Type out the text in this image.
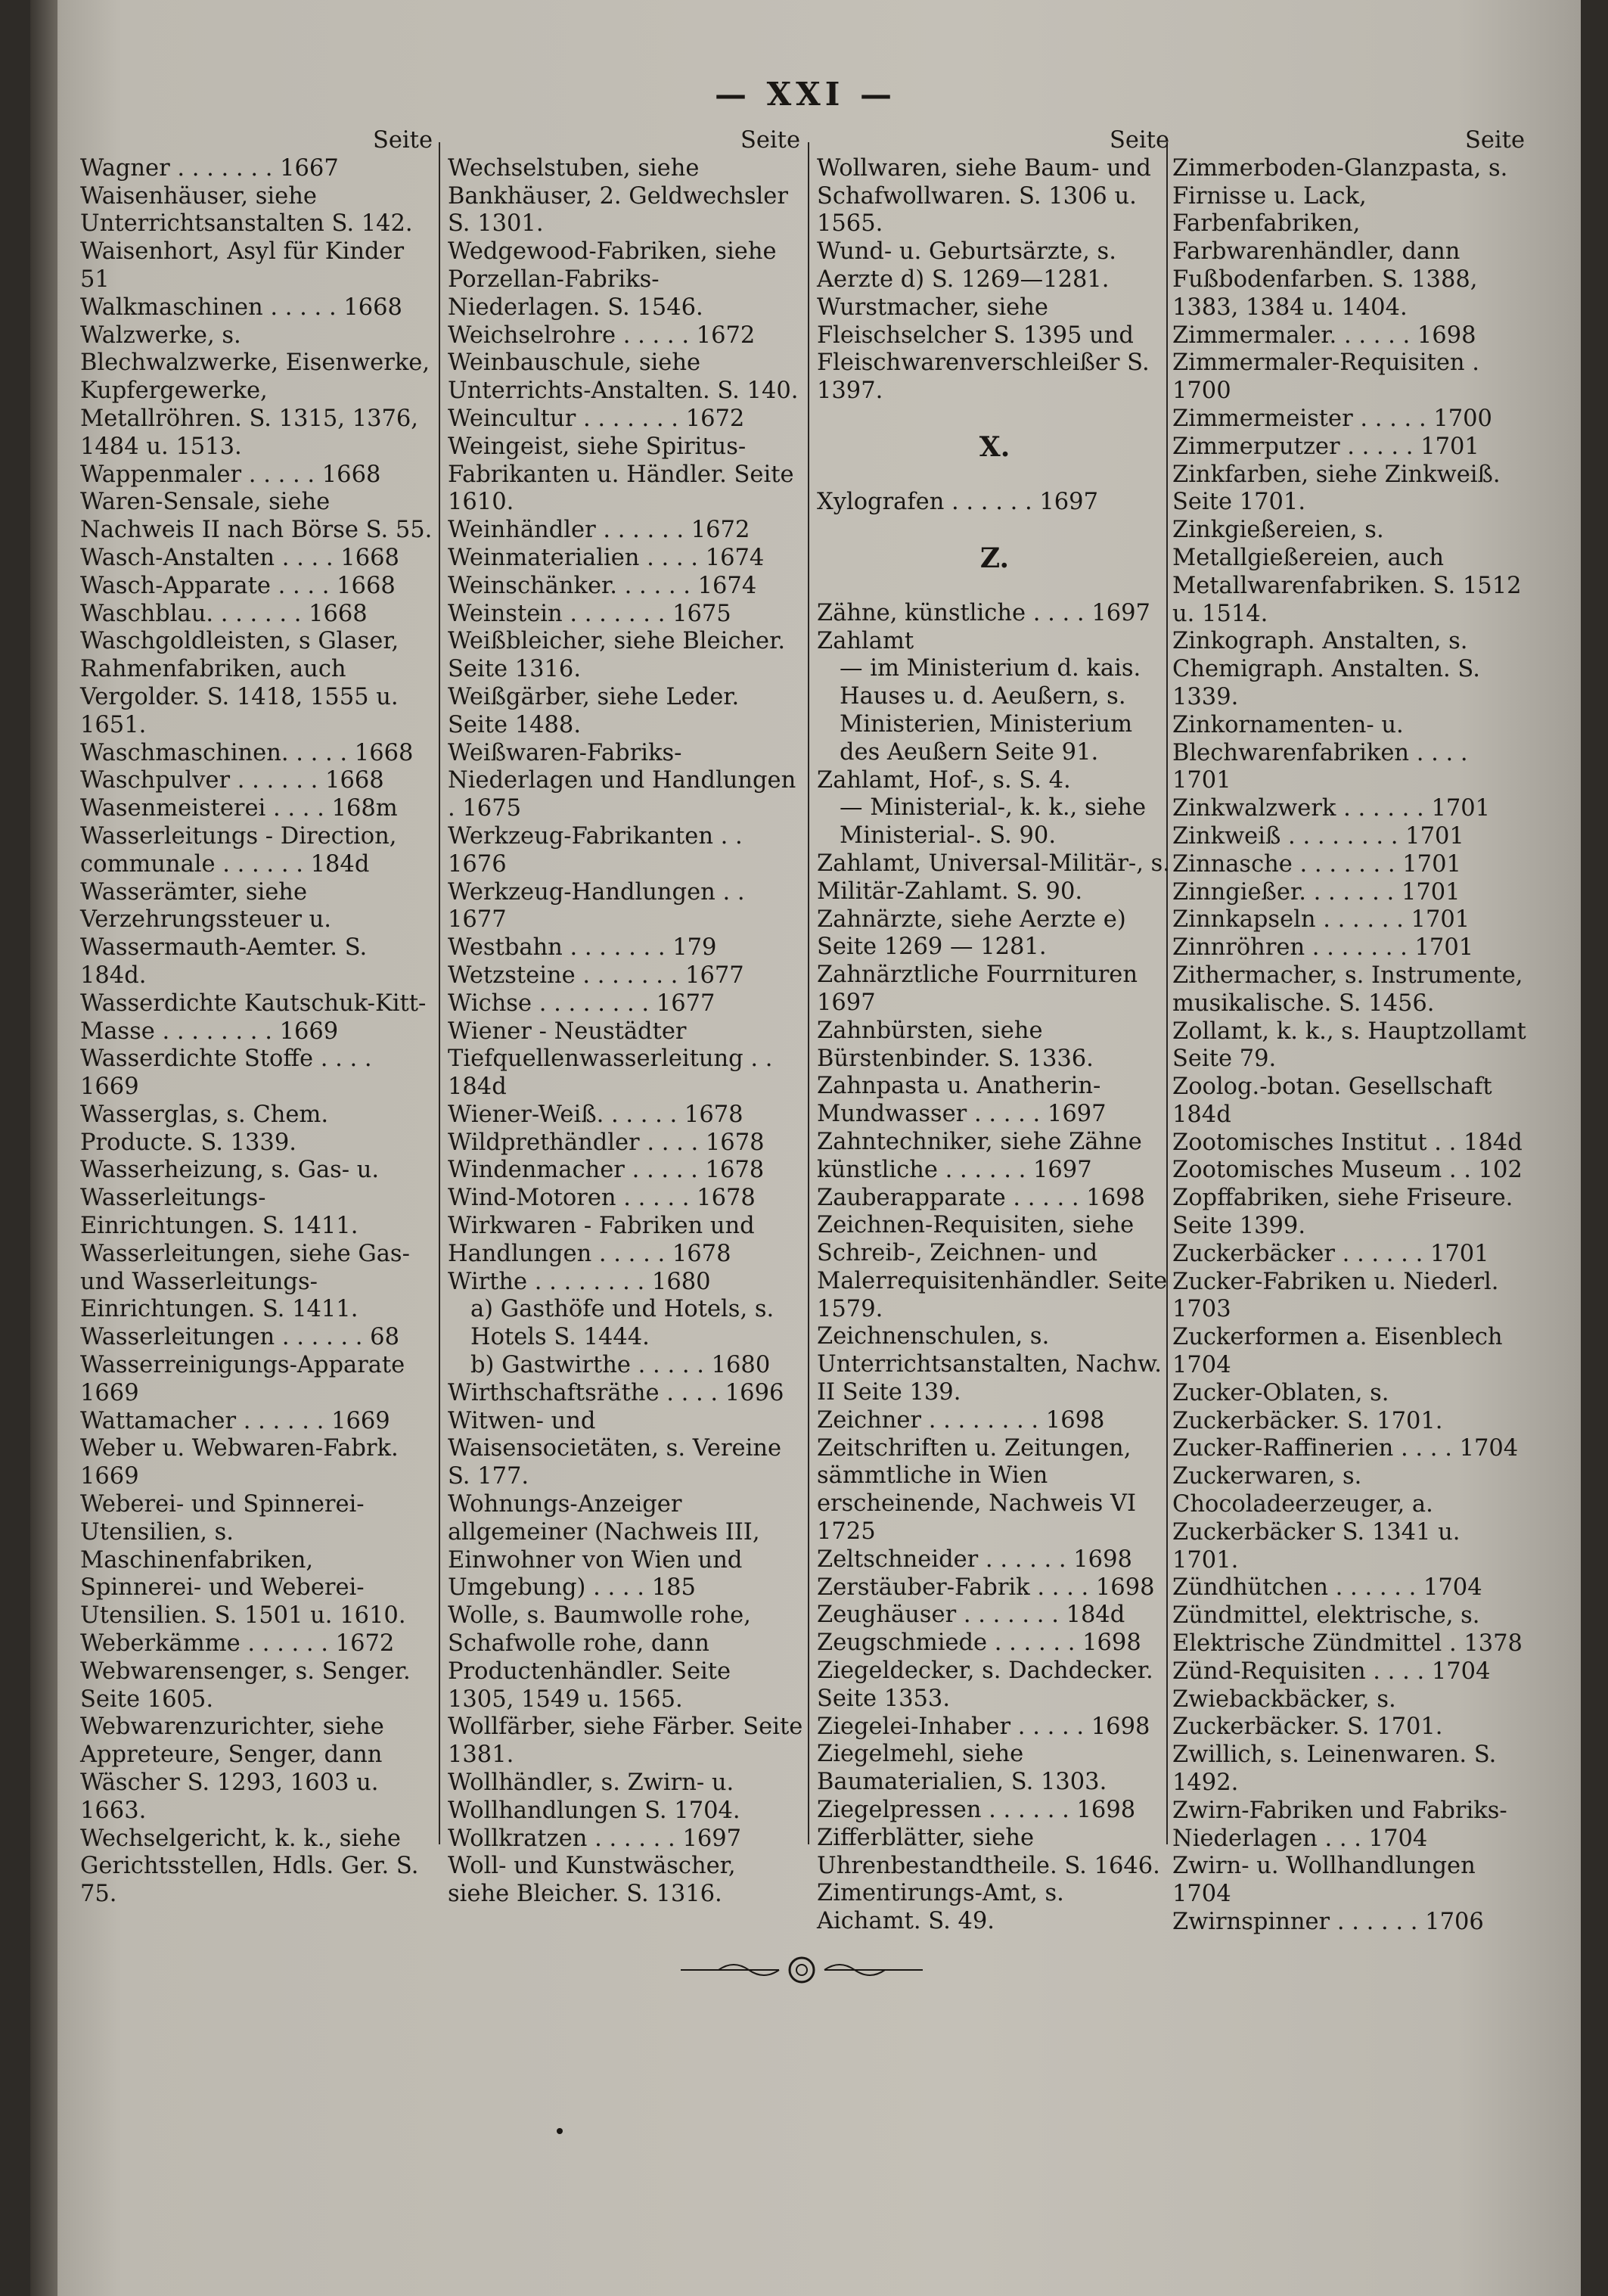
— XXI —
Seite
Wagner . . . . . . . 1667
Waisenhäuser, siehe Unterrichtsanstalten S. 142.
Waisenhort, Asyl für Kinder 51
Walkmaschinen . . . . . 1668
Walzwerke, s. Blechwalzwerke, Eisenwerke, Kupfergewerke, Metallröhren. S. 1315, 1376, 1484 u. 1513.
Wappenmaler . . . . . 1668
Waren-Sensale, siehe Nachweis II nach Börse S. 55.
Wasch-Anstalten . . . . 1668
Wasch-Apparate . . . . 1668
Waschblau. . . . . . . 1668
Waschgoldleisten, s Glaser, Rahmenfabriken, auch Vergolder. S. 1418, 1555 u. 1651.
Waschmaschinen. . . . . 1668
Waschpulver . . . . . . 1668
Wasenmeisterei . . . . 168m
Wasserleitungs - Direction, communale . . . . . . 184d
Wasserämter, siehe Verzehrungssteuer u. Wassermauth-Aemter. S. 184d.
Wasserdichte Kautschuk-Kitt-Masse . . . . . . . . 1669
Wasserdichte Stoffe . . . . 1669
Wasserglas, s. Chem. Producte. S. 1339.
Wasserheizung, s. Gas- u. Wasserleitungs-Einrichtungen. S. 1411.
Wasserleitungen, siehe Gas- und Wasserleitungs-Einrichtungen. S. 1411.
Wasserleitungen . . . . . . 68
Wasserreinigungs-Apparate 1669
Wattamacher . . . . . . 1669
Weber u. Webwaren-Fabrk. 1669
Weberei- und Spinnerei-Utensilien, s. Maschinenfabriken, Spinnerei- und Weberei-Utensilien. S. 1501 u. 1610.
Weberkämme . . . . . . 1672
Webwarensenger, s. Senger. Seite 1605.
Webwarenzurichter, siehe Appreteure, Senger, dann Wäscher S. 1293, 1603 u. 1663.
Wechselgericht, k. k., siehe Gerichtsstellen, Hdls. Ger. S. 75.
Seite
Wechselstuben, siehe Bankhäuser, 2. Geldwechsler S. 1301.
Wedgewood-Fabriken, siehe Porzellan-Fabriks-Niederlagen. S. 1546.
Weichselrohre . . . . . 1672
Weinbauschule, siehe Unterrichts-Anstalten. S. 140.
Weincultur . . . . . . . 1672
Weingeist, siehe Spiritus-Fabrikanten u. Händler. Seite 1610.
Weinhändler . . . . . . 1672
Weinmaterialien . . . . 1674
Weinschänker. . . . . . 1674
Weinstein . . . . . . . 1675
Weißbleicher, siehe Bleicher. Seite 1316.
Weißgärber, siehe Leder. Seite 1488.
Weißwaren-Fabriks-Niederlagen und Handlungen . 1675
Werkzeug-Fabrikanten . . 1676
Werkzeug-Handlungen . . 1677
Westbahn . . . . . . . 179
Wetzsteine . . . . . . . 1677
Wichse . . . . . . . . 1677
Wiener - Neustädter Tiefquellenwasserleitung . . 184d
Wiener-Weiß. . . . . . 1678
Wildprethändler . . . . 1678
Windenmacher . . . . . 1678
Wind-Motoren . . . . . 1678
Wirkwaren - Fabriken und Handlungen . . . . . 1678
Wirthe . . . . . . . . 1680
a) Gasthöfe und Hotels, s. Hotels S. 1444.
b) Gastwirthe . . . . . 1680
Wirthschaftsräthe . . . . 1696
Witwen- und Waisensocietäten, s. Vereine S. 177.
Wohnungs-Anzeiger allgemeiner (Nachweis III, Einwohner von Wien und Umgebung) . . . . 185
Wolle, s. Baumwolle rohe, Schafwolle rohe, dann Productenhändler. Seite 1305, 1549 u. 1565.
Wollfärber, siehe Färber. Seite 1381.
Wollhändler, s. Zwirn- u. Wollhandlungen S. 1704.
Wollkratzen . . . . . . 1697
Woll- und Kunstwäscher, siehe Bleicher. S. 1316.
Seite
Wollwaren, siehe Baum- und Schafwollwaren. S. 1306 u. 1565.
Wund- u. Geburtsärzte, s. Aerzte d) S. 1269—1281.
Wurstmacher, siehe Fleischselcher S. 1395 und Fleischwarenverschleißer S. 1397.
X.
Xylografen . . . . . . 1697
Z.
Zähne, künstliche . . . . 1697
Zahlamt
— im Ministerium d. kais. Hauses u. d. Aeußern, s. Ministerien, Ministerium des Aeußern Seite 91.
Zahlamt, Hof-, s. S. 4.
— Ministerial-, k. k., siehe Ministerial-. S. 90.
Zahlamt, Universal-Militär-, s. Militär-Zahlamt. S. 90.
Zahnärzte, siehe Aerzte e) Seite 1269 — 1281.
Zahnärztliche Fourrnituren 1697
Zahnbürsten, siehe Bürstenbinder. S. 1336.
Zahnpasta u. Anatherin-Mundwasser . . . . . 1697
Zahntechniker, siehe Zähne künstliche . . . . . . 1697
Zauberapparate . . . . . 1698
Zeichnen-Requisiten, siehe Schreib-, Zeichnen- und Malerrequisitenhändler. Seite 1579.
Zeichnenschulen, s. Unterrichtsanstalten, Nachw. II Seite 139.
Zeichner . . . . . . . . 1698
Zeitschriften u. Zeitungen, sämmtliche in Wien erscheinende, Nachweis VI 1725
Zeltschneider . . . . . . 1698
Zerstäuber-Fabrik . . . . 1698
Zeughäuser . . . . . . . 184d
Zeugschmiede . . . . . . 1698
Ziegeldecker, s. Dachdecker. Seite 1353.
Ziegelei-Inhaber . . . . . 1698
Ziegelmehl, siehe Baumaterialien, S. 1303.
Ziegelpressen . . . . . . 1698
Zifferblätter, siehe Uhrenbestandtheile. S. 1646.
Zimentirungs-Amt, s. Aichamt. S. 49.
Seite
Zimmerboden-Glanzpasta, s. Firnisse u. Lack, Farbenfabriken, Farbwarenhändler, dann Fußbodenfarben. S. 1388, 1383, 1384 u. 1404.
Zimmermaler. . . . . . 1698
Zimmermaler-Requisiten . 1700
Zimmermeister . . . . . 1700
Zimmerputzer . . . . . 1701
Zinkfarben, siehe Zinkweiß. Seite 1701.
Zinkgießereien, s. Metallgießereien, auch Metallwarenfabriken. S. 1512 u. 1514.
Zinkograph. Anstalten, s. Chemigraph. Anstalten. S. 1339.
Zinkornamenten- u. Blechwarenfabriken . . . . 1701
Zinkwalzwerk . . . . . . 1701
Zinkweiß . . . . . . . . 1701
Zinnasche . . . . . . . 1701
Zinngießer. . . . . . . 1701
Zinnkapseln . . . . . . 1701
Zinnröhren . . . . . . . 1701
Zithermacher, s. Instrumente, musikalische. S. 1456.
Zollamt, k. k., s. Hauptzollamt Seite 79.
Zoolog.-botan. Gesellschaft 184d
Zootomisches Institut . . 184d
Zootomisches Museum . . 102
Zopffabriken, siehe Friseure. Seite 1399.
Zuckerbäcker . . . . . . 1701
Zucker-Fabriken u. Niederl. 1703
Zuckerformen a. Eisenblech 1704
Zucker-Oblaten, s. Zuckerbäcker. S. 1701.
Zucker-Raffinerien . . . . 1704
Zuckerwaren, s. Chocoladeerzeuger, a. Zuckerbäcker S. 1341 u. 1701.
Zündhütchen . . . . . . 1704
Zündmittel, elektrische, s. Elektrische Zündmittel . 1378
Zünd-Requisiten . . . . 1704
Zwiebackbäcker, s. Zuckerbäcker. S. 1701.
Zwillich, s. Leinenwaren. S. 1492.
Zwirn-Fabriken und Fabriks-Niederlagen . . . 1704
Zwirn- u. Wollhandlungen 1704
Zwirnspinner . . . . . . 1706
